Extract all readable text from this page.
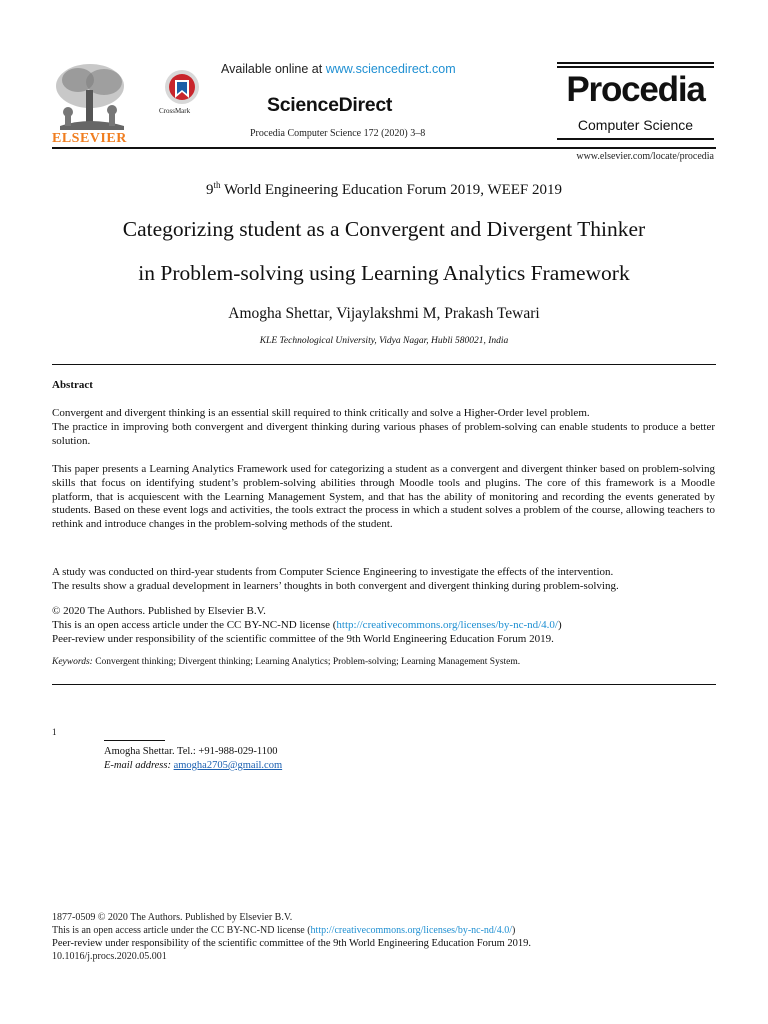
ELSEVIER
CrossMark
Available online at www.sciencedirect.com
ScienceDirect
Procedia Computer Science 172 (2020) 3–8
Procedia
Computer Science
www.elsevier.com/locate/procedia
9th World Engineering Education Forum 2019, WEEF 2019
Categorizing student as a Convergent and Divergent Thinker
in Problem-solving using Learning Analytics Framework
Amogha Shettar, Vijaylakshmi M, Prakash Tewari
KLE Technological University, Vidya Nagar, Hubli 580021, India
Abstract
Convergent and divergent thinking is an essential skill required to think critically and solve a Higher-Order level problem.
The practice in improving both convergent and divergent thinking during various phases of problem-solving can enable students to produce a better solution.
This paper presents a Learning Analytics Framework used for categorizing a student as a convergent and divergent thinker based on problem-solving skills that focus on identifying student’s problem-solving abilities through Moodle tools and plugins. The core of this framework is a Moodle platform, that is acquiescent with the Learning Management System, and that has the ability of monitoring and recording the events generated by students. Based on these event logs and activities, the tools extract the process in which a student solves a problem of the course, allowing teachers to rethink and introduce changes in the problem-solving methods of the student.
A study was conducted on third-year students from Computer Science Engineering to investigate the effects of the intervention.
The results show a gradual development in learners’ thoughts in both convergent and divergent thinking during problem-solving.
© 2020 The Authors. Published by Elsevier B.V.
This is an open access article under the CC BY-NC-ND license (http://creativecommons.org/licenses/by-nc-nd/4.0/)
Peer-review under responsibility of the scientific committee of the 9th World Engineering Education Forum 2019.
Keywords: Convergent thinking; Divergent thinking; Learning Analytics; Problem-solving; Learning Management System.
1
Amogha Shettar. Tel.: +91-988-029-1100
E-mail address: amogha2705@gmail.com
1877-0509 © 2020 The Authors. Published by Elsevier B.V.
This is an open access article under the CC BY-NC-ND license (http://creativecommons.org/licenses/by-nc-nd/4.0/)
Peer-review under responsibility of the scientific committee of the 9th World Engineering Education Forum 2019.
10.1016/j.procs.2020.05.001
